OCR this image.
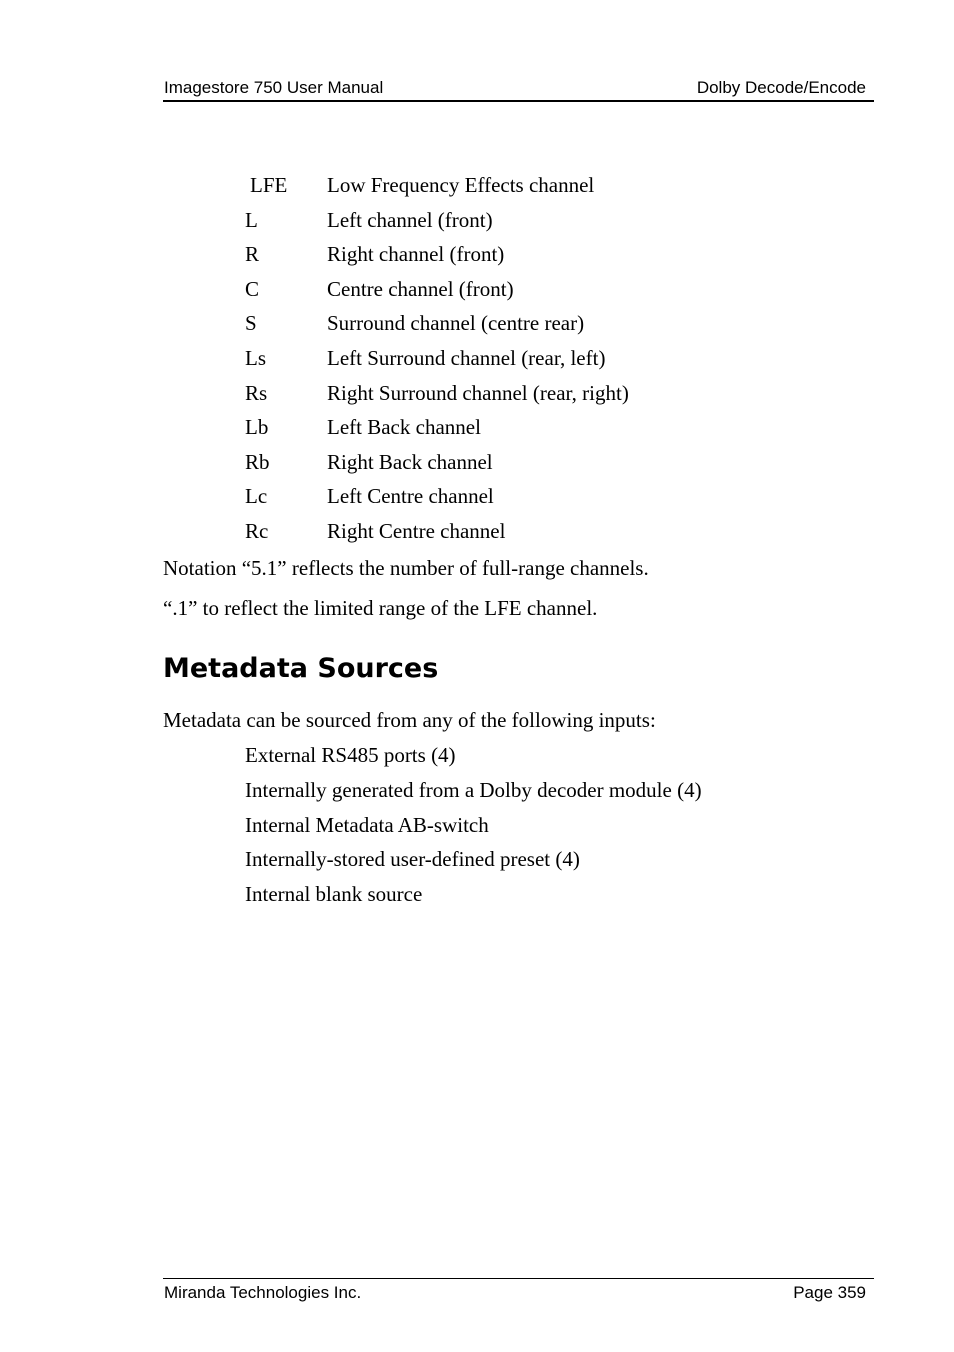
Imagestore 750 User Manual	Dolby Decode/Encode
LFE Low Frequency Effects channel
L	Left channel (front)
R	Right channel (front)
C	Centre channel (front)
S	Surround channel (centre rear)
Ls	Left Surround channel (rear, left)
Rs	Right Surround channel (rear, right)
Lb	Left Back channel
Rb	Right Back channel
Lc	Left Centre channel
Rc	Right Centre channel
Notation “5.1” reflects the number of full-range channels.
“.1” to reflect the limited range of the LFE channel.
Metadata Sources
Metadata can be sourced from any of the following inputs:
External RS485 ports (4)
Internally generated from a Dolby decoder module (4)
Internal Metadata AB-switch
Internally-stored user-defined preset (4)
Internal blank source
Miranda Technologies Inc.	Page 359
